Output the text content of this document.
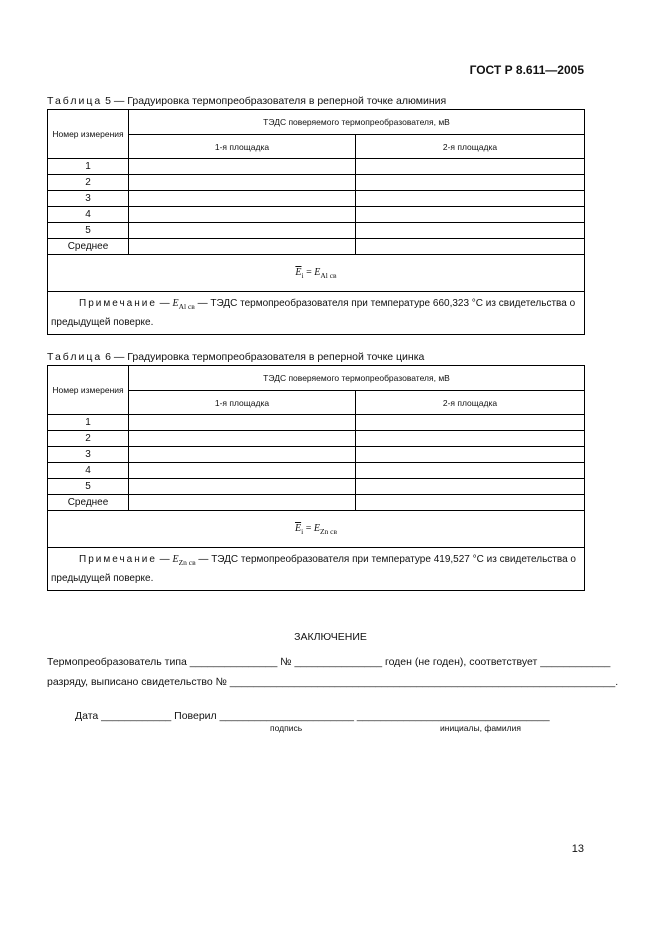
ГОСТ Р 8.611—2005
Таблица 5 — Градуировка термопреобразователя в реперной точке алюминия
Номер измерения	ТЭДС поверяемого термопреобразователя, мВ	
	1-я площадка	2-я площадка
1		
2		
3		
4		
5		
Среднее		
$\overline{E}_i = E_{Al св}$
Примечание — $E_{Al св}$ — ТЭДС термопреобразователя при температуре 660,323 °С из свидетельства о предыдущей поверке.		
Таблица 6 — Градуировка термопреобразователя в реперной точке цинка
Номер измерения	ТЭДС поверяемого термопреобразователя, мВ	
	1-я площадка	2-я площадка
1		
2		
3		
4		
5		
Среднее		
$\overline{E}_i = E_{Zn св}$
Примечание — $E_{Zn св}$ — ТЭДС термопреобразователя при температуре 419,527 °С из свидетельства о предыдущей поверке.		
ЗАКЛЮЧЕНИЕ
Термопреобразователь типа _______________ № _______________ годен (не годен), соответствует ____________
разряду, выписано свидетельство № __________________________________________________________________.
Дата ____________ Поверил _______________________ _________________________________
подпись	инициалы, фамилия
13
